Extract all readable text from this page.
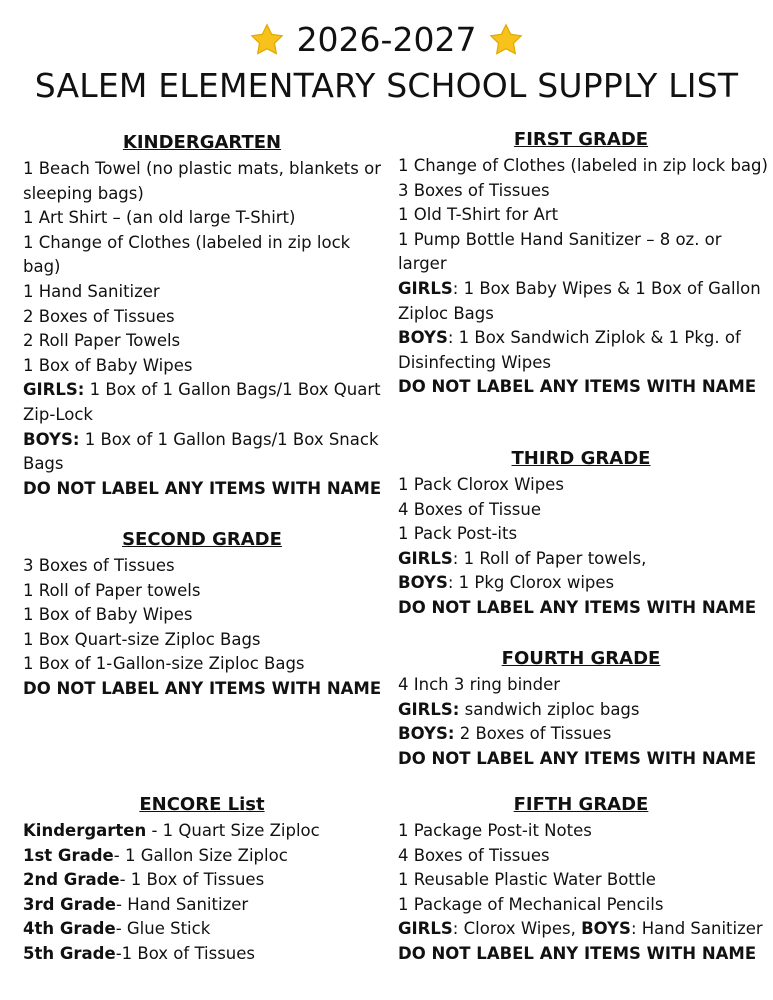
2026-2027
SALEM ELEMENTARY SCHOOL SUPPLY LIST
KINDERGARTEN
1 Beach Towel (no plastic mats, blankets or sleeping bags)
1 Art Shirt – (an old large T-Shirt)
1 Change of Clothes (labeled in zip lock bag)
1 Hand Sanitizer
2 Boxes of Tissues
2 Roll Paper Towels
1 Box of Baby Wipes
GIRLS: 1 Box of 1 Gallon Bags/1 Box Quart Zip-Lock
BOYS: 1 Box of 1 Gallon Bags/1 Box Snack Bags
DO NOT LABEL ANY ITEMS WITH NAME
SECOND GRADE
3 Boxes of Tissues
1 Roll of Paper towels
1 Box of Baby Wipes
1 Box Quart-size Ziploc Bags
1 Box of 1-Gallon-size Ziploc Bags
DO NOT LABEL ANY ITEMS WITH NAME
ENCORE List
Kindergarten - 1 Quart Size Ziploc
1st Grade- 1 Gallon Size Ziploc
2nd Grade- 1 Box of Tissues
3rd Grade- Hand Sanitizer
4th Grade- Glue Stick
5th Grade-1 Box of Tissues
FIRST GRADE
1 Change of Clothes (labeled in zip lock bag)
3 Boxes of Tissues
1 Old T-Shirt for Art
1 Pump Bottle Hand Sanitizer – 8 oz. or larger
GIRLS: 1 Box Baby Wipes & 1 Box of Gallon Ziploc Bags
BOYS: 1 Box Sandwich Ziplok & 1 Pkg. of Disinfecting Wipes
DO NOT LABEL ANY ITEMS WITH NAME
THIRD GRADE
1 Pack Clorox Wipes
4 Boxes of Tissue
1 Pack Post-its
GIRLS: 1 Roll of Paper towels,
BOYS: 1 Pkg Clorox wipes
DO NOT LABEL ANY ITEMS WITH NAME
FOURTH GRADE
4 Inch 3 ring binder
GIRLS: sandwich ziploc bags
BOYS: 2 Boxes of Tissues
DO NOT LABEL ANY ITEMS WITH NAME
FIFTH GRADE
1 Package Post-it Notes
4 Boxes of Tissues
1 Reusable Plastic Water Bottle
1 Package of Mechanical Pencils
GIRLS: Clorox Wipes, BOYS: Hand Sanitizer
DO NOT LABEL ANY ITEMS WITH NAME
